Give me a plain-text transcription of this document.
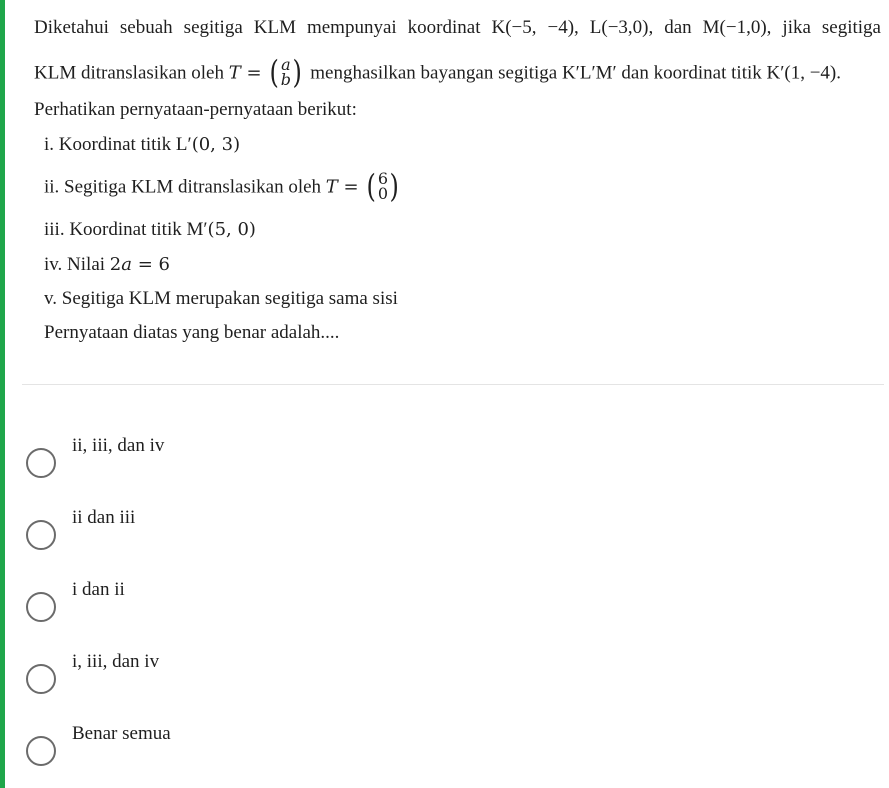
Diketahui sebuah segitiga KLM mempunyai koordinat K(−5, −4), L(−3,0), dan M(−1,0), jika segitiga
KLM ditranslasikan oleh T = ( a
b ) menghasilkan bayangan segitiga K′L′M′ dan koordinat titik K′(1, −4).
Perhatikan pernyataan-pernyataan berikut:
i. Koordinat titik L′(0, 3)
ii. Segitiga KLM ditranslasikan oleh T = ( 6
0 )
iii. Koordinat titik M′(5, 0)
iv. Nilai 2a = 6
v. Segitiga KLM merupakan segitiga sama sisi
Pernyataan diatas yang benar adalah....
ii, iii, dan iv
ii dan iii
i dan ii
i, iii, dan iv
Benar semua
